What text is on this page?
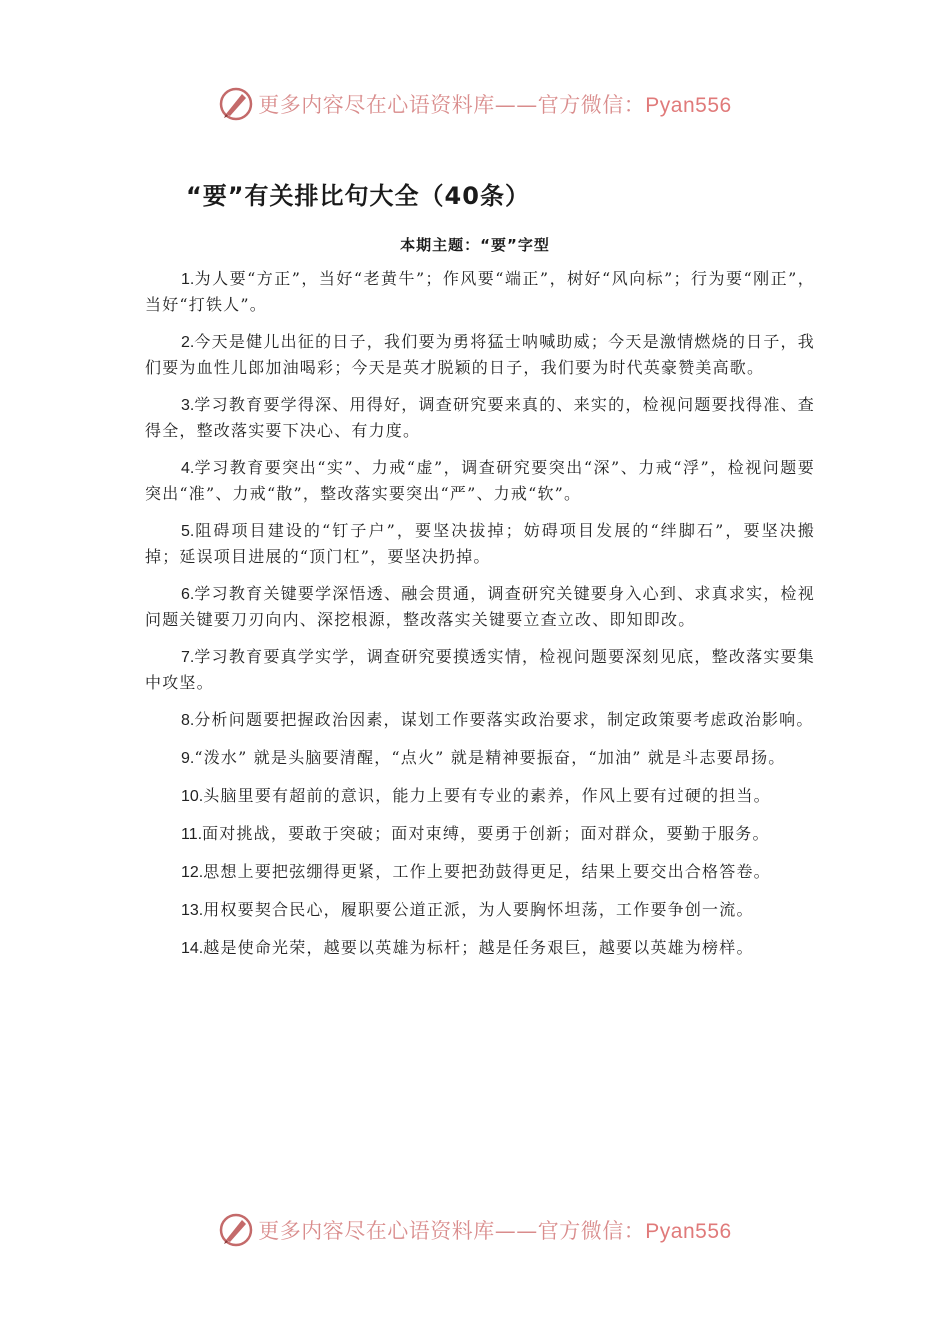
更多内容尽在心语资料库——官方微信：Pyan556
“要”有关排比句大全（40条）
本期主题：“要”字型

1.为人要“方正”，当好“老黄牛”；作风要“端正”，树好“风向标”；行为要“刚正”，当好“打铁人”。

2.今天是健儿出征的日子，我们要为勇将猛士呐喊助威；今天是激情燃烧的日子，我们要为血性儿郎加油喝彩；今天是英才脱颖的日子，我们要为时代英豪赞美高歌。

3.学习教育要学得深、用得好，调查研究要来真的、来实的，检视问题要找得准、查得全，整改落实要下决心、有力度。

4.学习教育要突出“实”、力戒“虚”，调查研究要突出“深”、力戒“浮”，检视问题要突出“准”、力戒“散”，整改落实要突出“严”、力戒“软”。

5.阻碍项目建设的“钉子户”，要坚决拔掉；妨碍项目发展的“绊脚石”，要坚决搬掉；延误项目进展的“顶门杠”，要坚决扔掉。

6.学习教育关键要学深悟透、融会贯通，调查研究关键要身入心到、求真求实，检视问题关键要刀刃向内、深挖根源，整改落实关键要立查立改、即知即改。

7.学习教育要真学实学，调查研究要摸透实情，检视问题要深刻见底，整改落实要集中攻坚。

8.分析问题要把握政治因素，谋划工作要落实政治要求，制定政策要考虑政治影响。

9.“泼水” 就是头脑要清醒，“点火” 就是精神要振奋，“加油” 就是斗志要昂扬。

10.头脑里要有超前的意识，能力上要有专业的素养，作风上要有过硬的担当。

11.面对挑战，要敢于突破；面对束缚，要勇于创新；面对群众，要勤于服务。

12.思想上要把弦绷得更紧，工作上要把劲鼓得更足，结果上要交出合格答卷。

13.用权要契合民心，履职要公道正派，为人要胸怀坦荡，工作要争创一流。

14.越是使命光荣，越要以英雄为标杆；越是任务艰巨，越要以英雄为榜样。

更多内容尽在心语资料库——官方微信：Pyan556
